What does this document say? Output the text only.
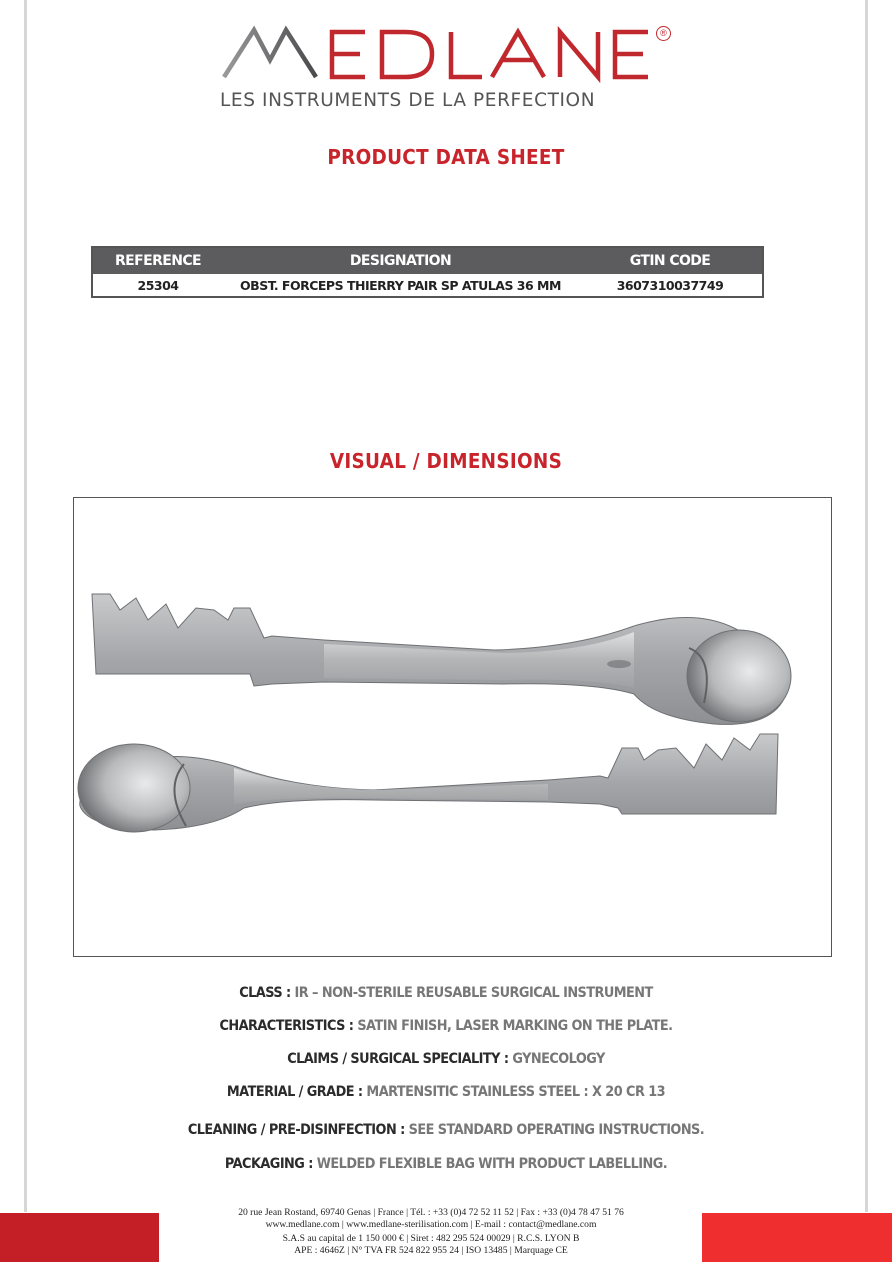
®
LES INSTRUMENTS DE LA PERFECTION
PRODUCT DATA SHEET
REFERENCE	DESIGNATION	GTIN CODE
25304	OBST. FORCEPS THIERRY PAIR SP ATULAS 36 MM	3607310037749
VISUAL / DIMENSIONS
CLASS : IR – NON-STERILE REUSABLE SURGICAL INSTRUMENT
CHARACTERISTICS : SATIN FINISH, LASER MARKING ON THE PLATE.
CLAIMS / SURGICAL SPECIALITY : GYNECOLOGY
MATERIAL / GRADE : MARTENSITIC STAINLESS STEEL : X 20 CR 13
CLEANING / PRE-DISINFECTION : SEE STANDARD OPERATING INSTRUCTIONS.
PACKAGING : WELDED FLEXIBLE BAG WITH PRODUCT LABELLING.
20 rue Jean Rostand, 69740 Genas | France | Tél. : +33 (0)4 72 52 11 52 | Fax : +33 (0)4 78 47 51 76
www.medlane.com | www.medlane-sterilisation.com | E-mail : contact@medlane.com
S.A.S au capital de 1 150 000 € | Siret : 482 295 524 00029 | R.C.S. LYON B
APE : 4646Z | N° TVA FR 524 822 955 24 | ISO 13485 | Marquage CE
